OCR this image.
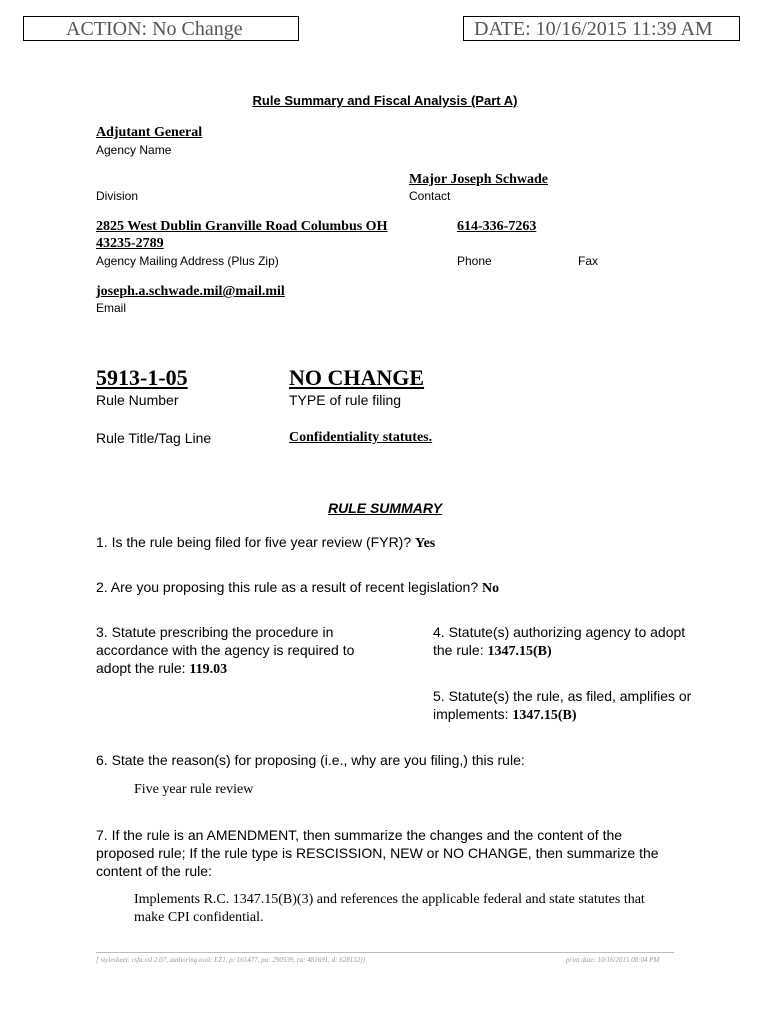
ACTION: No Change	DATE: 10/16/2015 11:39 AM
Rule Summary and Fiscal Analysis (Part A)
Adjutant General
Agency Name
Major Joseph Schwade
Division	Contact
2825 West Dublin Granville Road Columbus OH
43235-2789
614-336-7263
Agency Mailing Address (Plus Zip)	Phone	Fax
joseph.a.schwade.mil@mail.mil
Email
5913-1-05	NO CHANGE
Rule Number	TYPE of rule filing
Rule Title/Tag Line	Confidentiality statutes.
RULE SUMMARY
1. Is the rule being filed for five year review (FYR)? Yes
2. Are you proposing this rule as a result of recent legislation? No
3. Statute prescribing the procedure in accordance with the agency is required to adopt the rule: 119.03
4. Statute(s) authorizing agency to adopt the rule: 1347.15(B)
5. Statute(s) the rule, as filed, amplifies or implements: 1347.15(B)
6. State the reason(s) for proposing (i.e., why are you filing,) this rule:
Five year rule review
7. If the rule is an AMENDMENT, then summarize the changes and the content of the proposed rule; If the rule type is RESCISSION, NEW or NO CHANGE, then summarize the content of the rule:
Implements R.C. 1347.15(B)(3) and references the applicable federal and state statutes that make CPI confidential.
[ stylesheet: rsfa.xsl 2.07, authoring tool: EZ1, p: 161477, pa: 290539, ra: 481691, d: 628132)]	print date: 10/16/2015 08:04 PM
